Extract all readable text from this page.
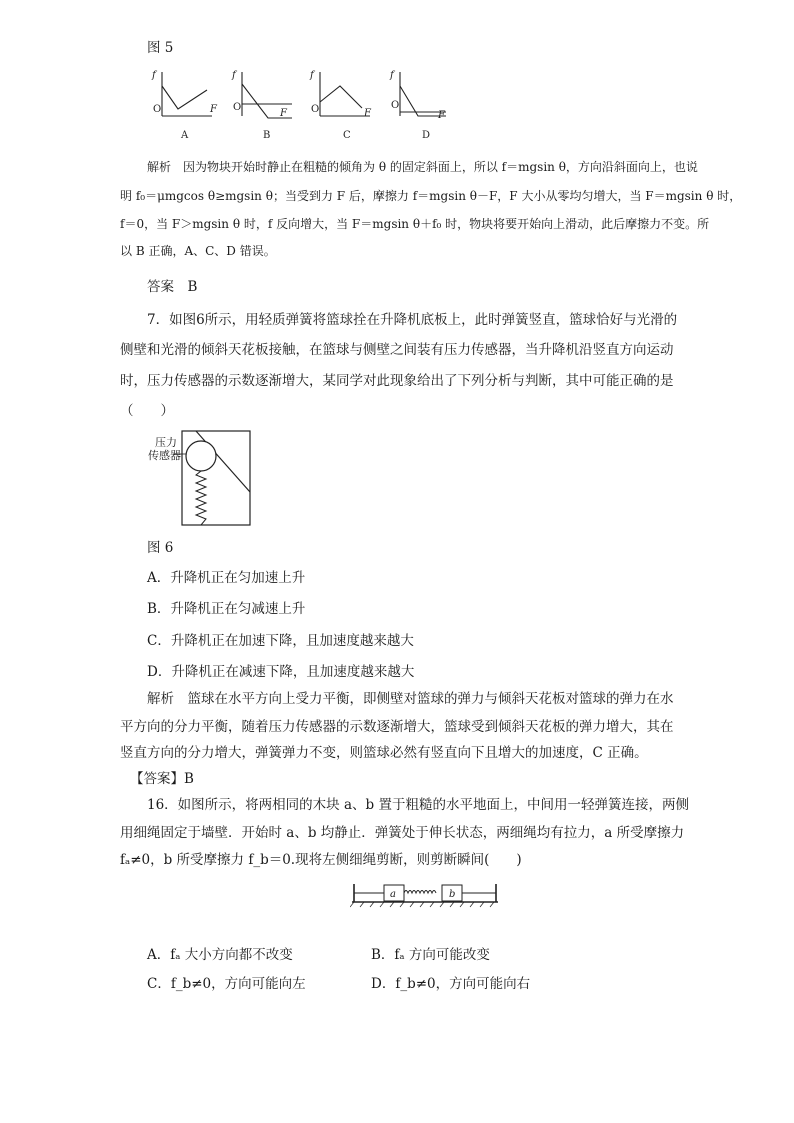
图 5
f
O	F
A
f
O
F
B
f
O	F
C
f
O
F
D
解析　因为物块开始时静止在粗糙的倾角为 θ 的固定斜面上，所以 f＝mgsin θ，方向沿斜面向上，也说
明 f₀＝μmgcos θ≥mgsin θ；当受到力 F 后，摩擦力 f＝mgsin θ－F，F 大小从零均匀增大，当 F＝mgsin θ 时，
f＝0，当 F＞mgsin θ 时，f 反向增大，当 F＝mgsin θ＋f₀ 时，物块将要开始向上滑动，此后摩擦力不变。所
以 B 正确，A、C、D 错误。
答案　B
7．如图6所示，用轻质弹簧将篮球拴在升降机底板上，此时弹簧竖直，篮球恰好与光滑的
侧壁和光滑的倾斜天花板接触，在篮球与侧壁之间装有压力传感器，当升降机沿竖直方向运动
时，压力传感器的示数逐渐增大，某同学对此现象给出了下列分析与判断，其中可能正确的是
（　　）
压力
传感器
图 6
A．升降机正在匀加速上升
B．升降机正在匀减速上升
C．升降机正在加速下降，且加速度越来越大
D．升降机正在减速下降，且加速度越来越大
解析　篮球在水平方向上受力平衡，即侧壁对篮球的弹力与倾斜天花板对篮球的弹力在水
平方向的分力平衡，随着压力传感器的示数逐渐增大，篮球受到倾斜天花板的弹力增大，其在
竖直方向的分力增大，弹簧弹力不变，则篮球必然有竖直向下且增大的加速度，C 正确。
【答案】B
16．如图所示，将两相同的木块 a、b 置于粗糙的水平地面上，中间用一轻弹簧连接，两侧
用细绳固定于墙壁．开始时 a、b 均静止．弹簧处于伸长状态，两细绳均有拉力，a 所受摩擦力
fₐ≠0，b 所受摩擦力 f_b＝0.现将左侧细绳剪断，则剪断瞬间(　　)
a	b
A．fₐ 大小方向都不改变	B．fₐ 方向可能改变
C．f_b≠0，方向可能向左	D．f_b≠0，方向可能向右
